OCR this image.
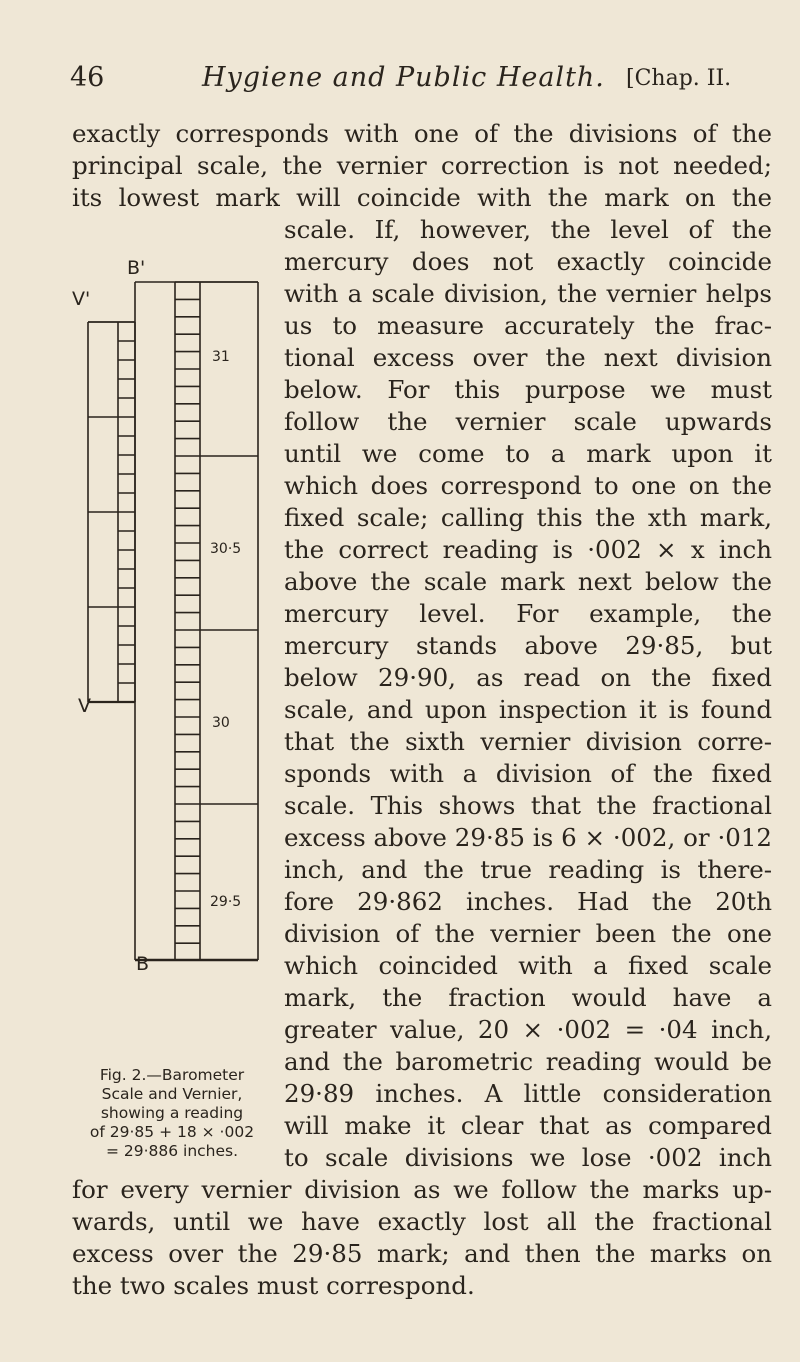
46	Hygiene and Public Health. [Chap. II.
exactly corresponds with one of the divisions of the
principal scale, the vernier correction is not needed;
its lowest mark will coincide with the mark on the
scale. If, however, the level of the
mercury does not exactly coincide
with a scale division, the vernier helps
us to measure accurately the frac-
tional excess over the next division
below. For this purpose we must
follow the vernier scale upwards
until we come to a mark upon it
which does correspond to one on the
fixed scale; calling this the xth mark,
the correct reading is ·002 × x inch
above the scale mark next below the
mercury level. For example, the
mercury stands above 29·85, but
below 29·90, as read on the fixed
scale, and upon inspection it is found
that the sixth vernier division corre-
sponds with a division of the fixed
scale. This shows that the fractional
excess above 29·85 is 6 × ·002, or ·012
inch, and the true reading is there-
fore 29·862 inches. Had the 20th
division of the vernier been the one
which coincided with a fixed scale
mark, the fraction would have a
greater value, 20 × ·002 = ·04 inch,
and the barometric reading would be
29·89 inches. A little consideration
will make it clear that as compared
to scale divisions we lose ·002 inch
for every vernier division as we follow the marks up-
wards, until we have exactly lost all the fractional
excess over the 29·85 mark; and then the marks on
the two scales must correspond.
B'
V'
V
B
31
30·5
30
29·5
Fig. 2.—Barometer
Scale and Vernier,
showing a reading
of 29·85 + 18 × ·002
= 29·886 inches.
